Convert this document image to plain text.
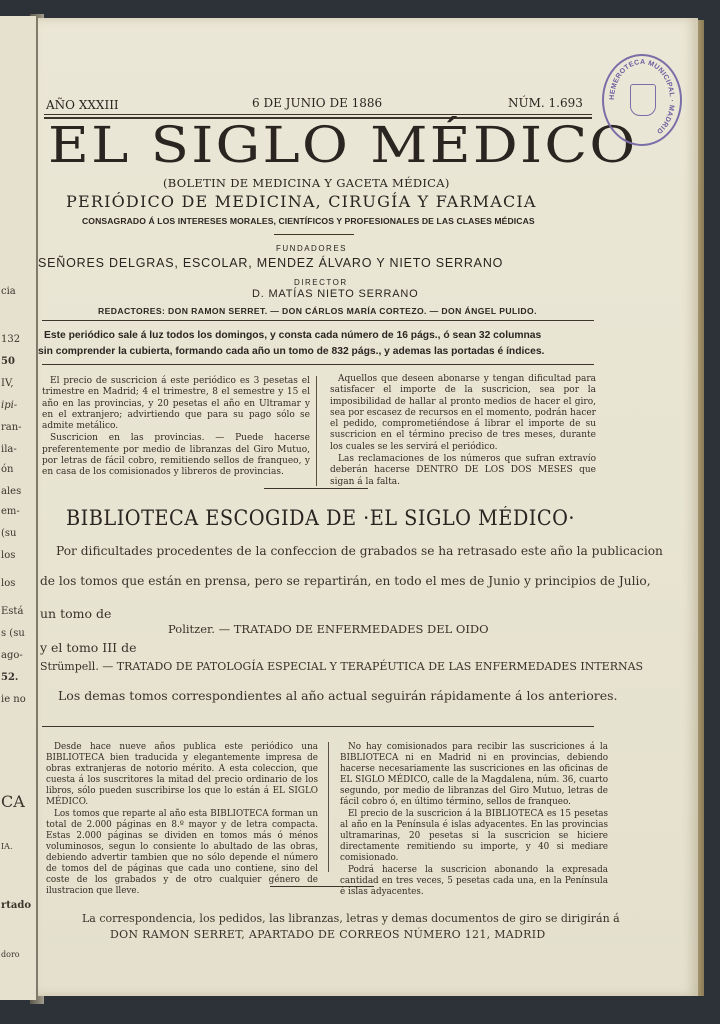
cia
132
50
IV,
ipi-
ran-
ila-
ón
ales
em-
(su
los
los
Está
s (su
ago-
52.
ie no
CA
IA.
rtado
doro
AÑO XXXIII	6 DE JUNIO DE 1886	NÚM. 1.693
EL SIGLO MÉDICO
(BOLETIN DE MEDICINA Y GACETA MÉDICA)
PERIÓDICO DE MEDICINA, CIRUGÍA Y FARMACIA
CONSAGRADO Á LOS INTERESES MORALES, CIENTÍFICOS Y PROFESIONALES DE LAS CLASES MÉDICAS
FUNDADORES
SEÑORES DELGRAS, ESCOLAR, MENDEZ ÁLVARO Y NIETO SERRANO
DIRECTOR
D. MATÍAS NIETO SERRANO
REDACTORES: DON RAMON SERRET. — DON CÁRLOS MARÍA CORTEZO. — DON ÁNGEL PULIDO.
Este periódico sale á luz todos los domingos, y consta cada número de 16 págs., ó sean 32 columnas
sin comprender la cubierta, formando cada año un tomo de 832 págs., y ademas las portadas é índices.

El precio de suscricion á este periódico es 3 pesetas el trimestre en Madrid; 4 el trimestre, 8 el semestre y 15 el año en las provincias, y 20 pesetas el año en Ultramar y en el extranjero; advirtiendo que para su pago sólo se admite metálico.

Suscricion en las provincias. — Puede hacerse preferentemente por medio de libranzas del Giro Mutuo, por letras de fácil cobro, remitiendo sellos de franqueo, y en casa de los comisionados y libreros de provincias.

Aquellos que deseen abonarse y tengan dificultad para satisfacer el importe de la suscricion, sea por la imposibilidad de hallar al pronto medios de hacer el giro, sea por escasez de recursos en el momento, podrán hacer el pedido, comprometiéndose á librar el importe de su suscricion en el término preciso de tres meses, durante los cuales se les servirá el periódico.

Las reclamaciones de los números que sufran extravío deberán hacerse DENTRO DE LOS DOS MESES que sigan á la falta.

BIBLIOTECA ESCOGIDA DE ·EL SIGLO MÉDICO·
Por dificultades procedentes de la confeccion de grabados se ha retrasado este año la publicacion
de los tomos que están en prensa, pero se repartirán, en todo el mes de Junio y principios de Julio,
un tomo de
Politzer. — TRATADO DE ENFERMEDADES DEL OIDO
y el tomo III de
Strümpell. — TRATADO DE PATOLOGÍA ESPECIAL Y TERAPÉUTICA DE LAS ENFERMEDADES INTERNAS
Los demas tomos correspondientes al año actual seguirán rápidamente á los anteriores.

Desde hace nueve años publica este periódico una BIBLIOTECA bien traducida y elegantemente impresa de obras extranjeras de notorio mérito. A esta coleccion, que cuesta á los suscritores la mitad del precio ordinario de los libros, sólo pueden suscribirse los que lo están á EL SIGLO MÉDICO.

Los tomos que reparte al año esta BIBLIOTECA forman un total de 2.000 páginas en 8.º mayor y de letra compacta. Estas 2.000 páginas se dividen en tomos más ó ménos voluminosos, segun lo consiente lo abultado de las obras, debiendo advertir tambien que no sólo depende el número de tomos del de páginas que cada uno contiene, sino del coste de los grabados y de otro cualquier género de ilustracion que lleve.

No hay comisionados para recibir las suscriciones á la BIBLIOTECA ni en Madrid ni en provincias, debiendo hacerse necesariamente las suscriciones en las oficinas de EL SIGLO MÉDICO, calle de la Magdalena, núm. 36, cuarto segundo, por medio de libranzas del Giro Mutuo, letras de fácil cobro ó, en último término, sellos de franqueo.

El precio de la suscricion á la BIBLIOTECA es 15 pesetas al año en la Península é islas adyacentes. En las provincias ultramarinas, 20 pesetas si la suscricion se hiciere directamente remitiendo su importe, y 40 si mediare comisionado.

Podrá hacerse la suscricion abonando la expresada cantidad en tres veces, 5 pesetas cada una, en la Península é islas adyacentes.

La correspondencia, los pedidos, las libranzas, letras y demas documentos de giro se dirigirán á
DON RAMON SERRET, APARTADO DE CORREOS NÚMERO 121, MADRID
HEMEROTECA MUNICIPAL · MADRID
